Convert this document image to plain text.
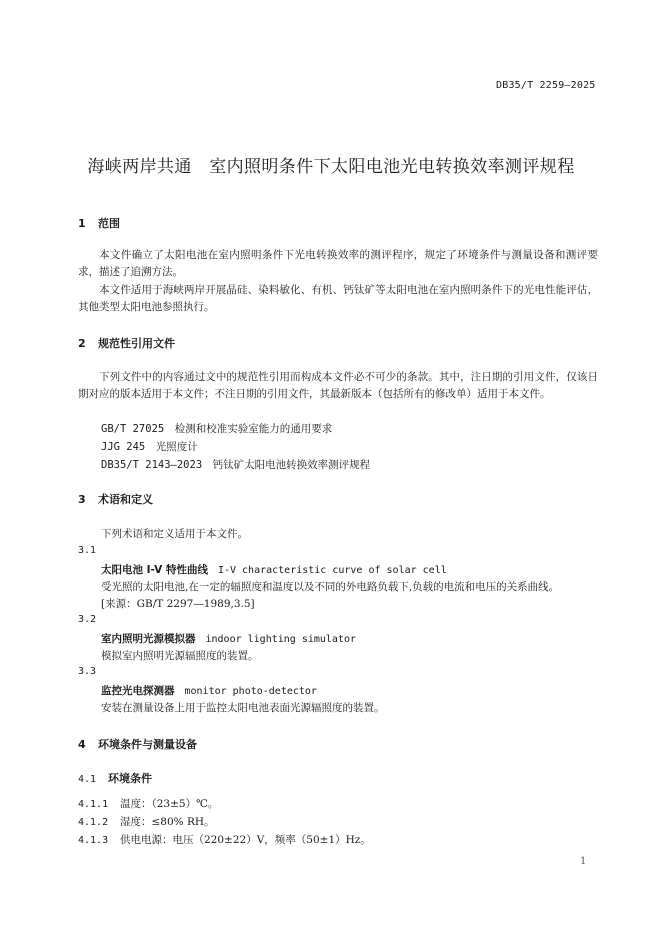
DB35/T 2259—2025
海峡两岸共通　室内照明条件下太阳电池光电转换效率测评规程
1 范围
本文件确立了太阳电池在室内照明条件下光电转换效率的测评程序，规定了环境条件与测量设备和测评要求，描述了追溯方法。
本文件适用于海峡两岸开展晶硅、染料敏化、有机、钙钛矿等太阳电池在室内照明条件下的光电性能评估，其他类型太阳电池参照执行。
2 规范性引用文件
下列文件中的内容通过文中的规范性引用而构成本文件必不可少的条款。其中，注日期的引用文件，仅该日期对应的版本适用于本文件；不注日期的引用文件，其最新版本（包括所有的修改单）适用于本文件。
GB/T 27025　 检测和校准实验室能力的通用要求
JJG 245　 光照度计
DB35/T 2143—2023　 钙钛矿太阳电池转换效率测评规程
3 术语和定义
下列术语和定义适用于本文件。
3.1
太阳电池 I-V 特性曲线 I-V characteristic curve of solar cell
受光照的太阳电池,在一定的辐照度和温度以及不同的外电路负载下,负载的电流和电压的关系曲线。
[来源：GB/T 2297—1989,3.5]
3.2
室内照明光源模拟器 indoor lighting simulator
模拟室内照明光源辐照度的装置。
3.3
监控光电探测器 monitor photo-detector
安装在测量设备上用于监控太阳电池表面光源辐照度的装置。
4 环境条件与测量设备
4.1 环境条件
4.1.1 温度：（23±5）℃。
4.1.2 湿度：≤80% RH。
4.1.3 供电电源：电压（220±22）V，频率（50±1）Hz。
1
